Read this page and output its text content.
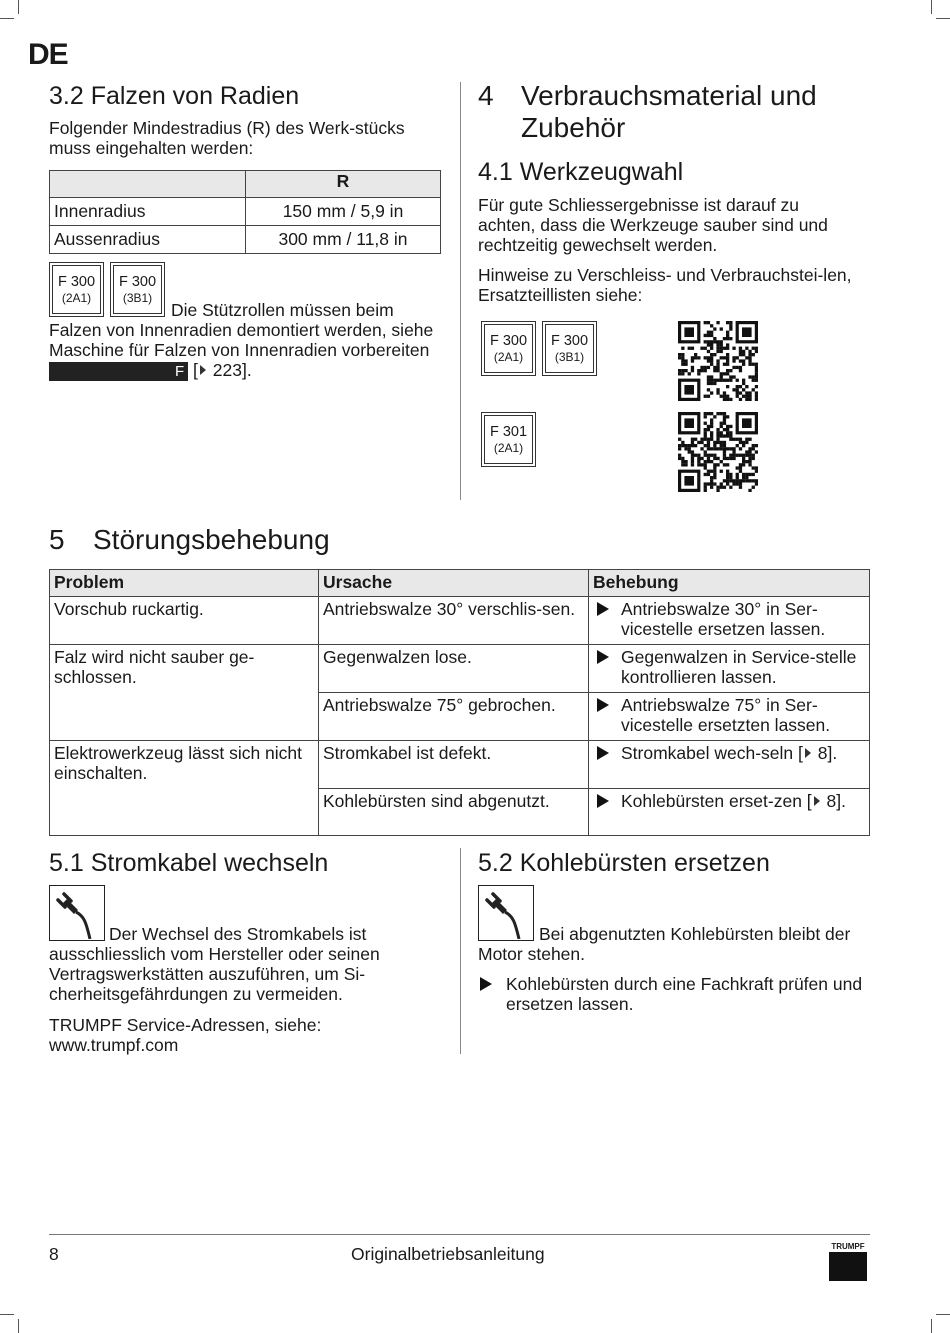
DE
3.2 Falzen von Radien
Folgender Mindestradius (R) des Werk-stücks muss eingehalten werden:
	R
Innenradius	150 mm / 5,9 in
Aussenradius	300 mm / 11,8 in
F 300
(2A1)
F 300
(3B1)
Die Stützrollen müssen beim Falzen von Innenradien demontiert werden, siehe Maschine für Falzen von Innenradien vorbereiten F [ 223].
4 Verbrauchsmaterial und
Zubehör
4.1 Werkzeugwahl
Für gute Schliessergebnisse ist darauf zu achten, dass die Werkzeuge sauber sind und rechtzeitig gewechselt werden.
Hinweise zu Verschleiss- und Verbrauchstei-len, Ersatzteillisten siehe:
F 300
(2A1)
F 300
(3B1)
F 301
(2A1)
5 Störungsbehebung
Problem	Ursache	Behebung
Vorschub ruckartig.	Antriebswalze 30° verschlis-sen.	Antriebswalze 30° in Ser-vicestelle ersetzen lassen.

Falz wird nicht sauber ge-schlossen.	Gegenwalzen lose.	Gegenwalzen in Service-stelle kontrollieren lassen.

	Antriebswalze 75° gebrochen.	Antriebswalze 75° in Ser-vicestelle ersetzten lassen.

Elektrowerkzeug lässt sich nicht einschalten.	Stromkabel ist defekt.	Stromkabel wech-seln [ 8].

	Kohlebürsten sind abgenutzt.	Kohlebürsten erset-zen [ 8].
5.1 Stromkabel wechseln
Der Wechsel des Stromkabels ist ausschliesslich vom Hersteller oder seinen Vertragswerkstätten auszuführen, um Si-cherheitsgefährdungen zu vermeiden.
TRUMPF Service-Adressen, siehe:
www.trumpf.com
5.2 Kohlebürsten ersetzen
Bei abgenutzten Kohlebürsten bleibt der Motor stehen.
Kohlebürsten durch eine Fachkraft prüfen und ersetzen lassen.
8	Originalbetriebsanleitung	TRUMPF
